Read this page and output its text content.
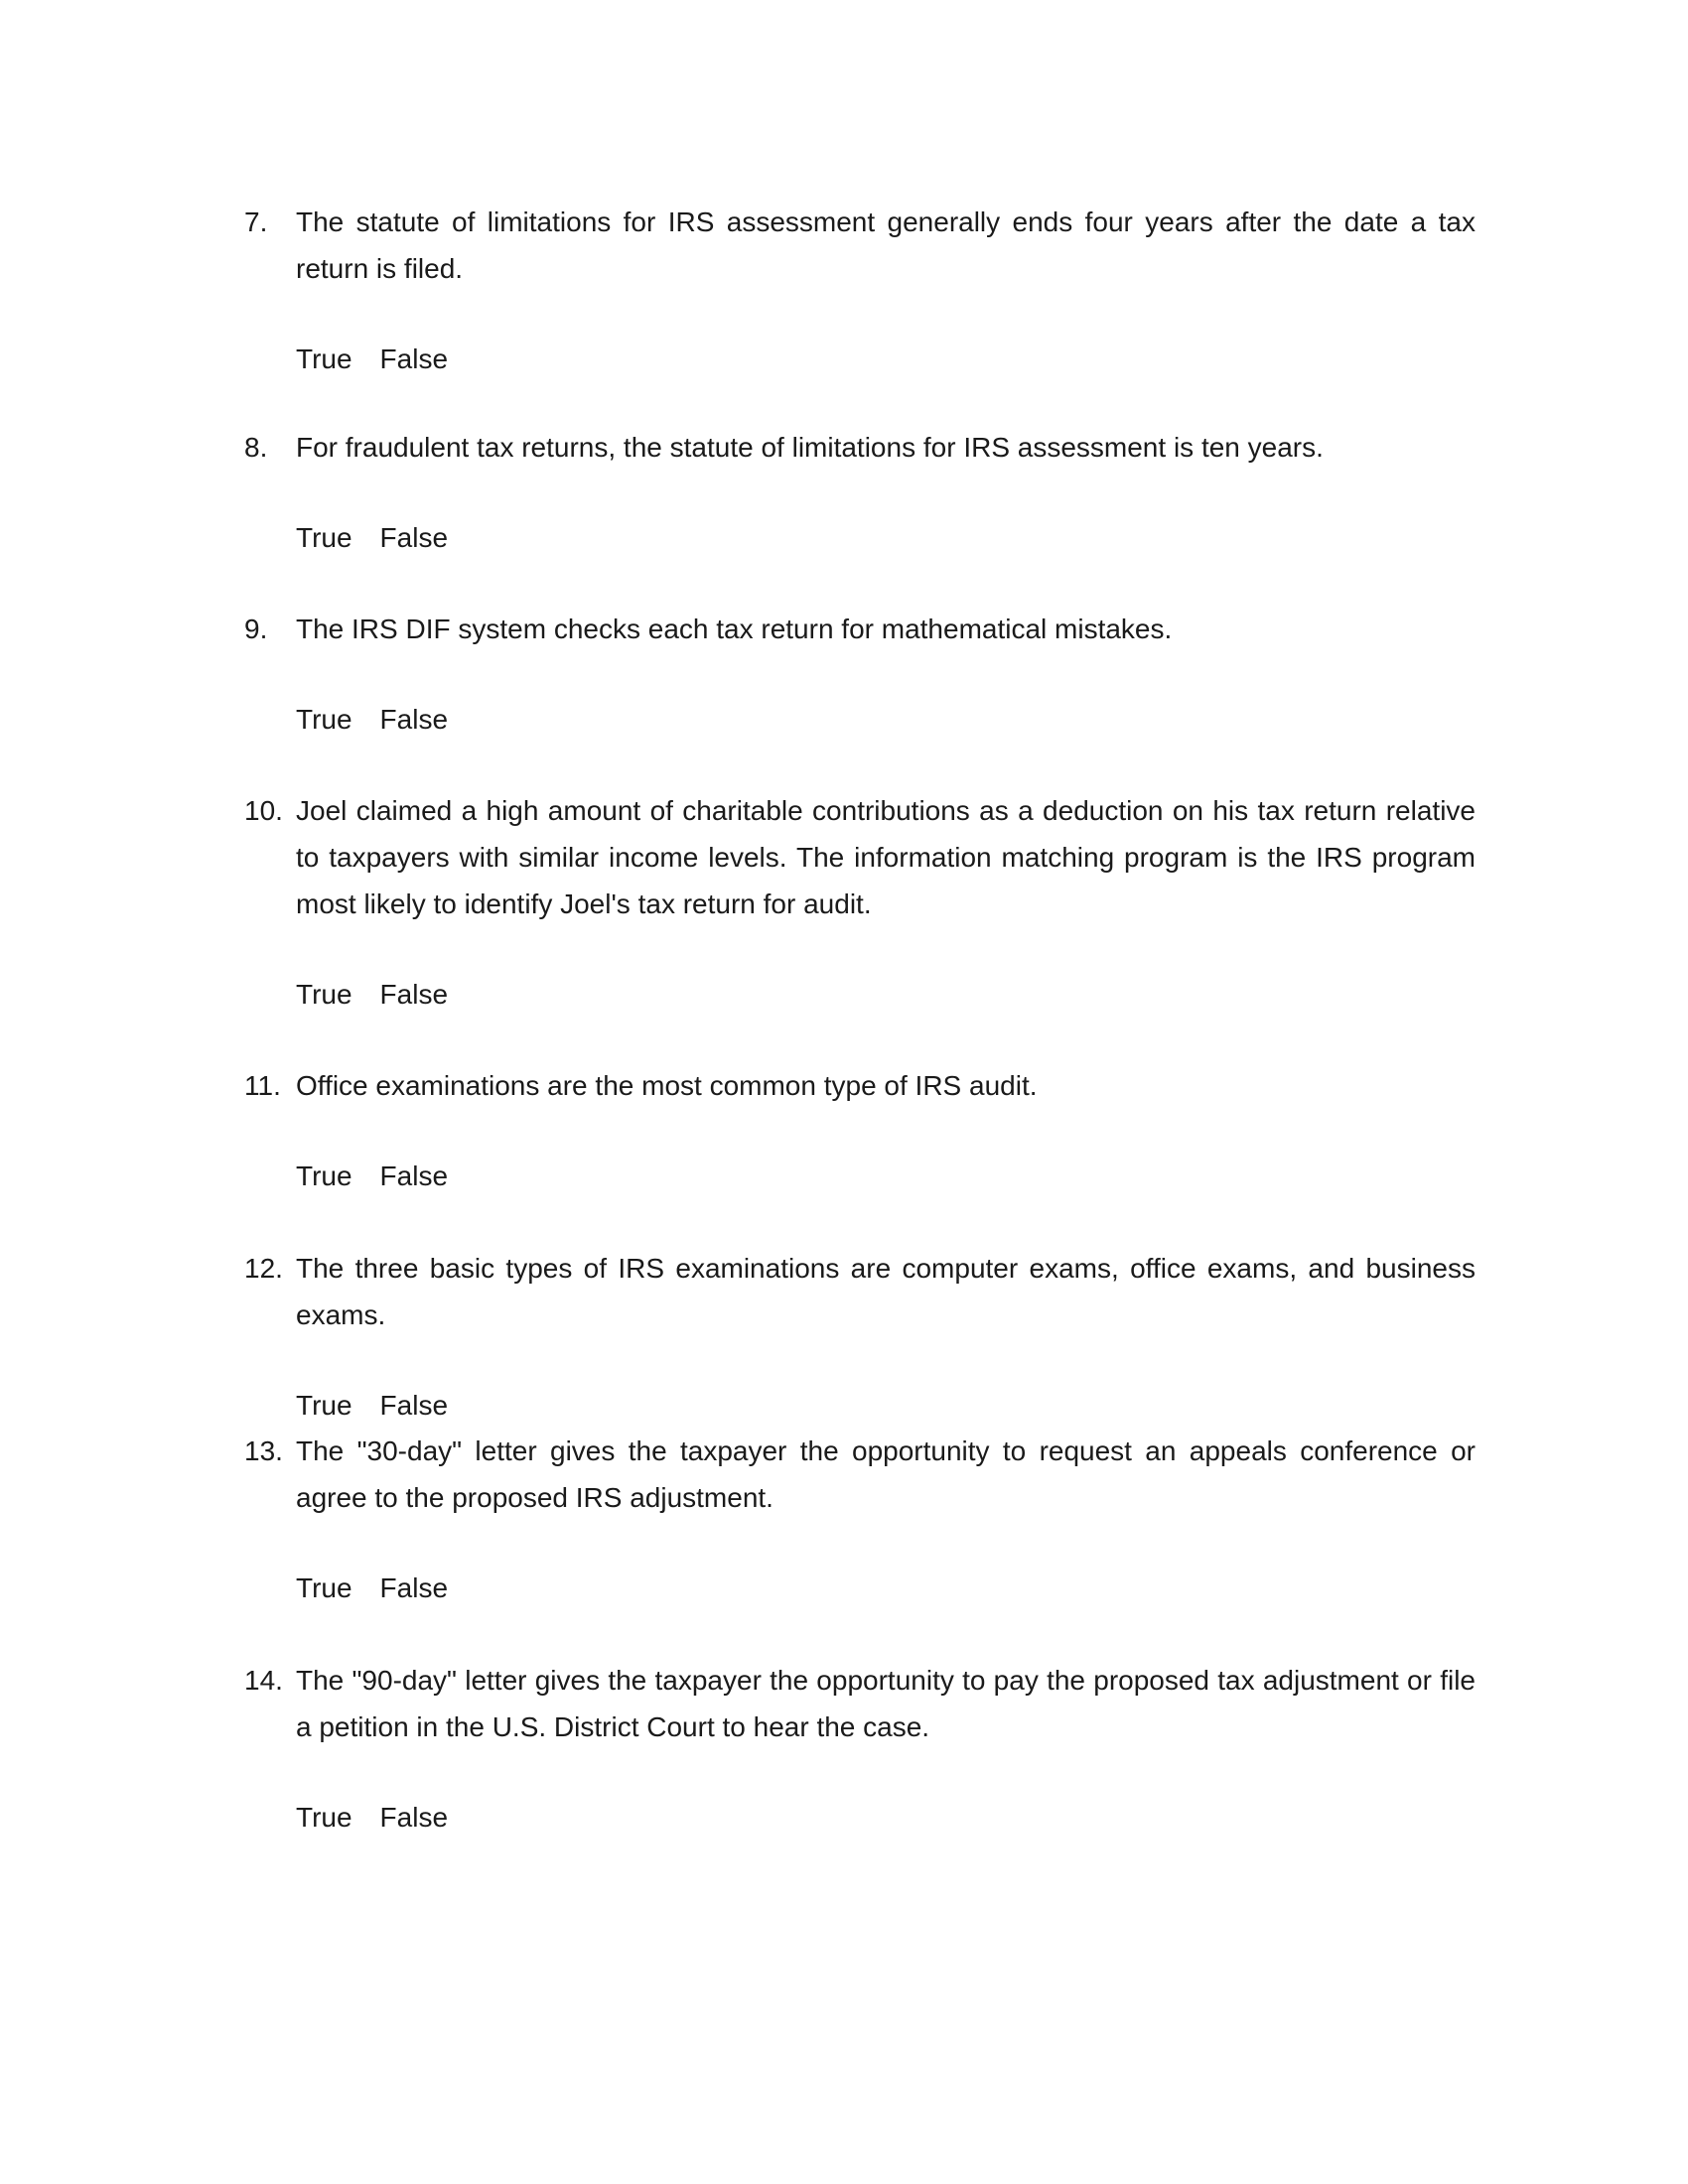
7. The statute of limitations for IRS assessment generally ends four years after the date a tax return is filed.
True False
8. For fraudulent tax returns, the statute of limitations for IRS assessment is ten years.
True False
9. The IRS DIF system checks each tax return for mathematical mistakes.
True False
10. Joel claimed a high amount of charitable contributions as a deduction on his tax return relative to taxpayers with similar income levels. The information matching program is the IRS program most likely to identify Joel's tax return for audit.
True False
11. Office examinations are the most common type of IRS audit.
True False
12. The three basic types of IRS examinations are computer exams, office exams, and business exams.
True False
13. The "30-day" letter gives the taxpayer the opportunity to request an appeals conference or agree to the proposed IRS adjustment.
True False
14. The "90-day" letter gives the taxpayer the opportunity to pay the proposed tax adjustment or file a petition in the U.S. District Court to hear the case.
True False
